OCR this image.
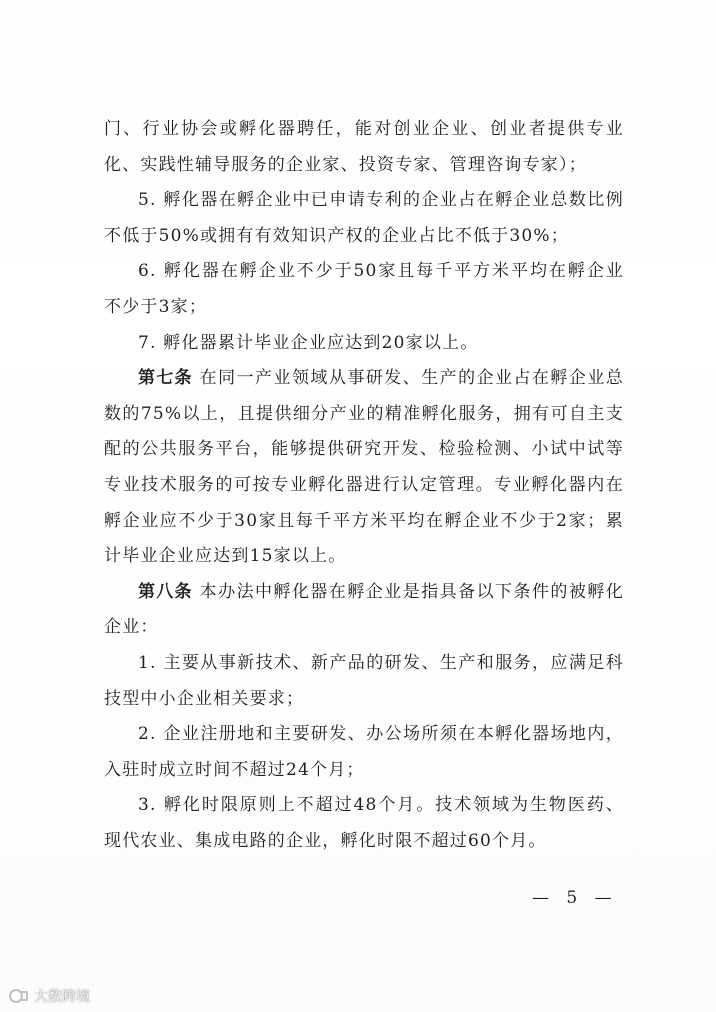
门、行业协会或孵化器聘任，能对创业企业、创业者提供专业化、实践性辅导服务的企业家、投资专家、管理咨询专家）；

5. 孵化器在孵企业中已申请专利的企业占在孵企业总数比例不低于50%或拥有有效知识产权的企业占比不低于30%；

6. 孵化器在孵企业不少于50家且每千平方米平均在孵企业不少于3家；

7. 孵化器累计毕业企业应达到20家以上。

第七条 在同一产业领域从事研发、生产的企业占在孵企业总数的75%以上，且提供细分产业的精准孵化服务，拥有可自主支配的公共服务平台，能够提供研究开发、检验检测、小试中试等专业技术服务的可按专业孵化器进行认定管理。专业孵化器内在孵企业应不少于30家且每千平方米平均在孵企业不少于2家；累计毕业企业应达到15家以上。

第八条 本办法中孵化器在孵企业是指具备以下条件的被孵化企业：

1. 主要从事新技术、新产品的研发、生产和服务，应满足科技型中小企业相关要求；

2. 企业注册地和主要研发、办公场所须在本孵化器场地内，入驻时成立时间不超过24个月；

3. 孵化时限原则上不超过48个月。技术领域为生物医药、现代农业、集成电路的企业，孵化时限不超过60个月。

— 5 —
大数跨境
